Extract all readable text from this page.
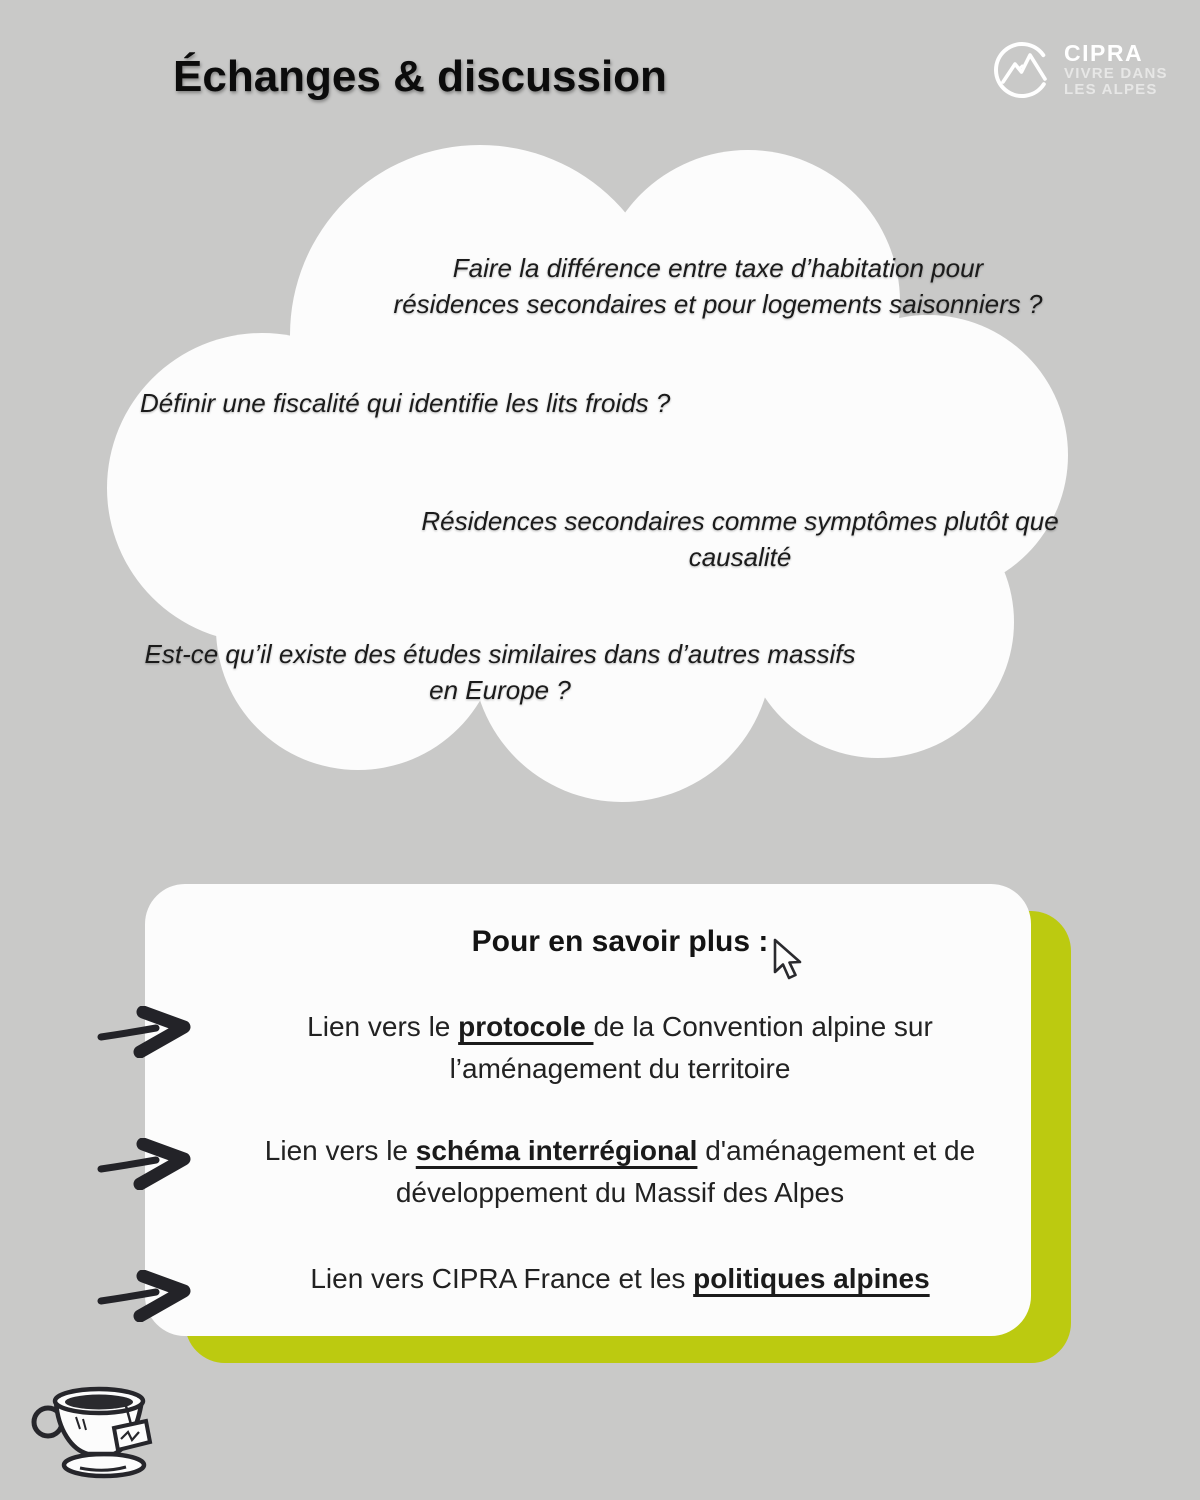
Échanges & discussion	CIPRA
VIVRE DANS
LES ALPES
Faire la différence entre taxe d’habitation pour
résidences secondaires et pour logements saisonniers ?
Définir une fiscalité qui identifie les lits froids ?
Résidences secondaires comme symptômes plutôt que
causalité
Est-ce qu’il existe des études similaires dans d’autres massifs
en Europe ?
Pour en savoir plus :
Lien vers le protocole de la Convention alpine sur l’aménagement du territoire
Lien vers le schéma interrégional d'aménagement et de développement du Massif des Alpes
Lien vers CIPRA France et les politiques alpines
